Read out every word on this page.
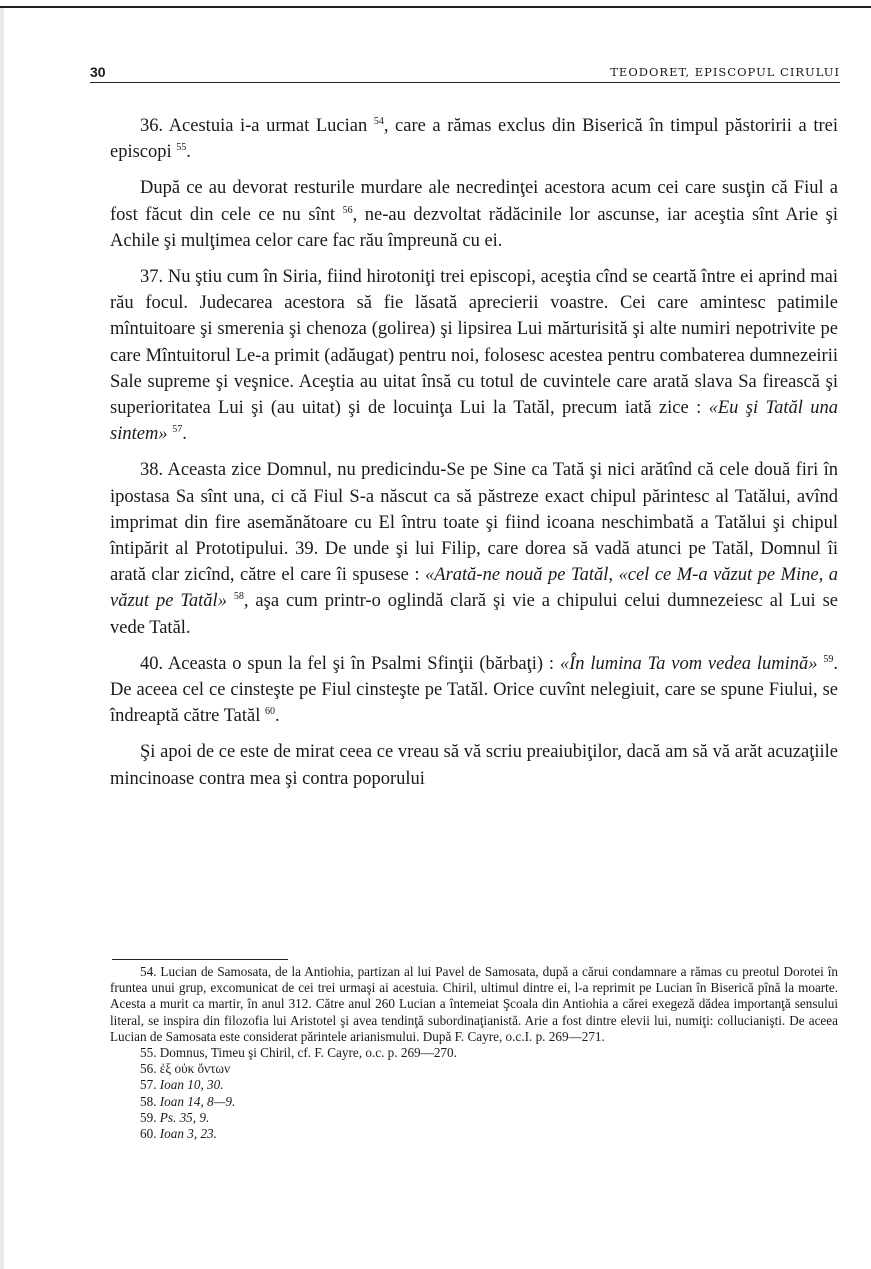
30	TEODORET, EPISCOPUL CIRULUI

36. Acestuia i-a urmat Lucian $^{54}$, care a rămas exclus din Biserică în timpul păstoririi a trei episcopi $^{55}$.

După ce au devorat resturile murdare ale necredinţei acestora acum cei care susţin că Fiul a fost făcut din cele ce nu sînt $^{56}$, ne-au dezvoltat rădăcinile lor ascunse, iar aceştia sînt Arie şi Achile şi mulţimea celor care fac rău împreună cu ei.

37. Nu ştiu cum în Siria, fiind hirotoniţi trei episcopi, aceştia cînd se ceartă între ei aprind mai rău focul. Judecarea acestora să fie lăsată aprecierii voastre. Cei care amintesc patimile mîntuitoare şi smerenia şi chenoza (golirea) şi lipsirea Lui mărturisită şi alte numiri nepotrivite pe care Mîntuitorul Le-a primit (adăugat) pentru noi, folosesc acestea pentru combaterea dumnezeirii Sale supreme şi veşnice. Aceştia au uitat însă cu totul de cuvintele care arată slava Sa firească şi superioritatea Lui şi (au uitat) şi de locuinţa Lui la Tatăl, precum iată zice : «Eu şi Tatăl una sintem» $^{57}$.

38. Aceasta zice Domnul, nu predicindu-Se pe Sine ca Tată şi nici arătînd că cele două firi în ipostasa Sa sînt una, ci că Fiul S-a născut ca să păstreze exact chipul părintesc al Tatălui, avînd imprimat din fire asemănătoare cu El întru toate şi fiind icoana neschimbată a Tatălui şi chipul întipărit al Prototipului. 39. De unde şi lui Filip, care dorea să vadă atunci pe Tatăl, Domnul îi arată clar zicînd, către el care îi spusese : «Arată-ne nouă pe Tatăl, «cel ce M-a văzut pe Mine, a văzut pe Tatăl» $^{58}$, aşa cum printr-o oglindă clară şi vie a chipului celui dumnezeiesc al Lui se vede Tatăl.

40. Aceasta o spun la fel şi în Psalmi Sfinţii (bărbaţi) : «În lumina Ta vom vedea lumină» $^{59}$. De aceea cel ce cinsteşte pe Fiul cinsteşte pe Tatăl. Orice cuvînt nelegiuit, care se spune Fiului, se îndreaptă către Tatăl $^{60}$.

Şi apoi de ce este de mirat ceea ce vreau să vă scriu preaiubiţilor, dacă am să vă arăt acuzaţiile mincinoase contra mea şi contra poporului

54. Lucian de Samosata, de la Antiohia, partizan al lui Pavel de Samosata, după a cărui condamnare a rămas cu preotul Dorotei în fruntea unui grup, excomunicat de cei trei urmaşi ai acestuia. Chiril, ultimul dintre ei, l-a reprimit pe Lucian în Biserică pînă la moarte. Acesta a murit ca martir, în anul 312. Către anul 260 Lucian a întemeiat Şcoala din Antiohia a cărei exegeză dădea importanţă sensului literal, se inspira din filozofia lui Aristotel şi avea tendinţă subordinaţianistă. Arie a fost dintre elevii lui, numiţi: collucianişti. De aceea Lucian de Samosata este considerat părintele arianismului. După F. Cayre, o.c.I. p. 269—271.

55. Domnus, Timeu şi Chiril, cf. F. Cayre, o.c. p. 269—270.

56. ἐξ οὐκ ὄντων

57. Ioan 10, 30.

58. Ioan 14, 8—9.

59. Ps. 35, 9.

60. Ioan 3, 23.
